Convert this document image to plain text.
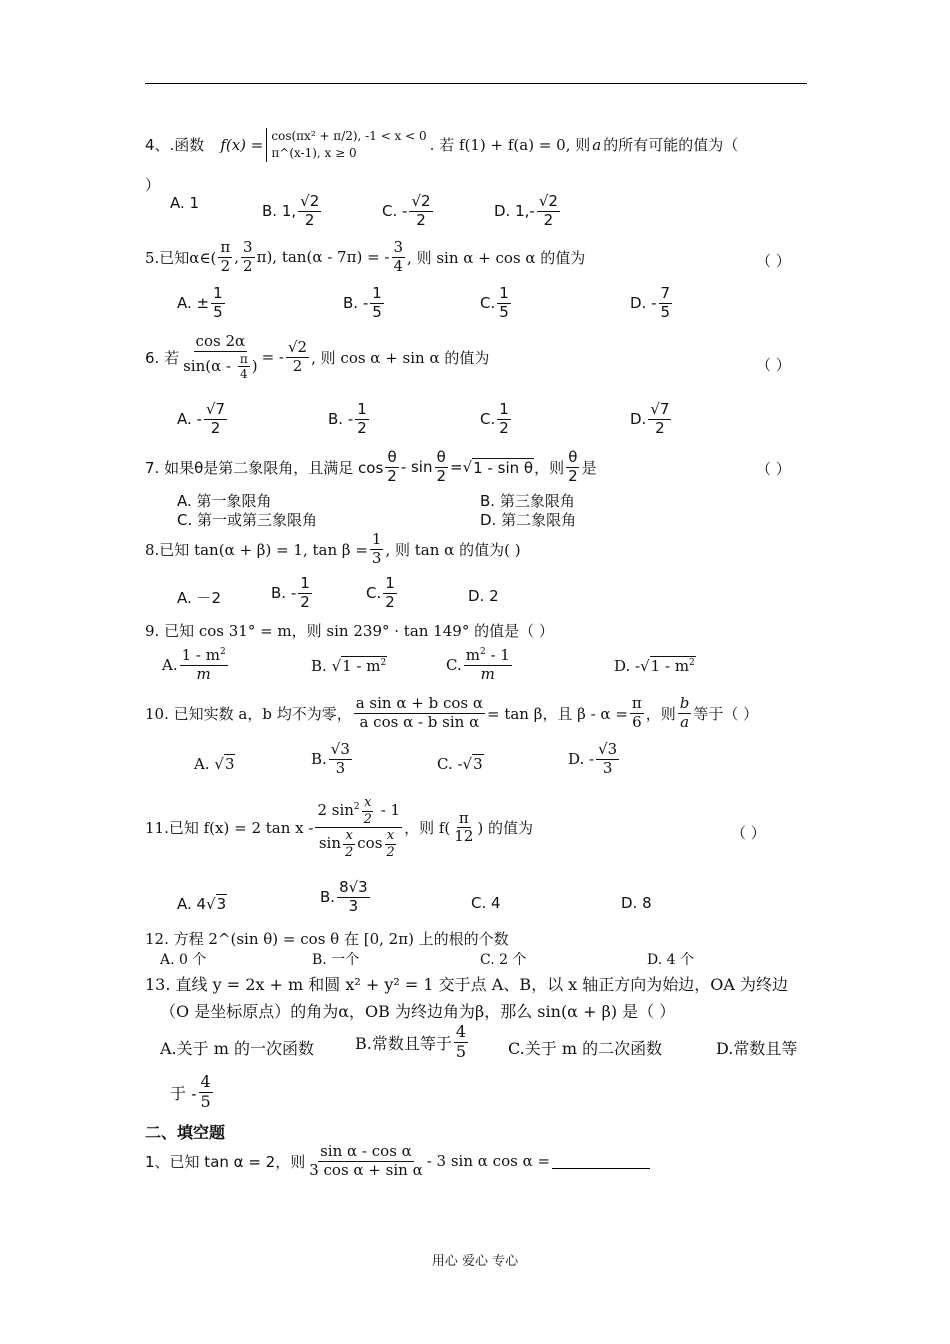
4、.函数 f(x) = cos(πx² + π/2), -1 < x < 0
π^(x-1), x ≥ 0	. 若 f(1) + f(a) = 0, 则 a 的所有可能的值为（
）
A. 1	B. 1, $\frac{√2}{2}$	C. - $\frac{√2}{2}$	D. $1,- \frac{√2}{2}$
5.已知α∈( $\frac{\pi}{2}$ , $\frac{3}{2}$ π ), tan(α - 7π) = - $\frac{3}{4}$ , 则 sin α + cos α 的值为	（ ）
A. ± $\frac{1}{5}$	B. - $\frac{1}{5}$	C. $\frac{1}{5}$	D. - $\frac{7}{5}$
6. 若 $\frac{\cos 2\alpha}{\sin(\alpha - \frac{\pi}{4} )}$ = - $\frac{√2}{2}$ , 则 cos α + sin α 的值为	（ ）
A. - $\frac{√7}{2}$	B. - $\frac{1}{2}$	C. $\frac{1}{2}$	D. $\frac{√7}{2}$
7. 如果θ是第二象限角，且满足 $\cos \frac{\theta}{2}$ - $\sin \frac{\theta}{2}$ = √ 1 - sin θ ，则 $\frac{\theta}{2}$ 是	（ ）
A. 第一象限角	B. 第三象限角
C. 第一或第三象限角	D. 第二象限角
8.已知 tan(α + β) = 1, $\tan \beta = \frac{1}{3}$ , 则 tan α 的值为( )
A. －2	B. - $\frac{1}{2}$	C. $\frac{1}{2}$	D. 2
9. 已知 cos 31° = m，则 sin 239° · tan 149° 的值是（ ）
A. $\frac{1 - m^2}{m}$	B. √ $1 - m^2$	C. $\frac{m^2 - 1}{m}$	D. - √ $1 - m^2$
10. 已知实数 a，b 均不为零， $\frac{\text{a sin α + b cos α}}{\text{a cos α - b sin α}} = \tan \beta$，且 $\beta - \alpha = \frac{\pi}{6}$ ，则 $\frac{b}{a}$ 等于（ ）
A. √ 3	B. $\frac{√3}{3}$	C. - √ 3	D. - $\frac{√3}{3}$
11.已知 f(x) = 2 tan x - $\frac{2 \sin^2 \frac{x}{2} - 1}{\sin \frac{x}{2} \cos \frac{x}{2}}$ ，则 $f( \frac{\pi}{12}$ ) 的值为	（ ）
A. 4√ 3	B. $\frac{8√3}{3}$	C. 4	D. 8
12. 方程 2^(sin θ) = cos θ 在 [0, 2π) 上的根的个数
A. 0 个	B. 一个	C. 2 个	D. 4 个
13. 直线 y = 2x + m 和圆 x² + y² = 1 交于点 A、B，以 x 轴正方向为始边，OA 为终边
（O 是坐标原点）的角为α，OB 为终边角为β，那么 sin(α + β) 是（ ）
A.关于 m 的一次函数	B.常数且等于 $\frac{4}{5} C$.关于 m 的二次函数	D.常数且等
于 - $\frac{4}{5}$
二、填空题
1、已知 tan α = 2，则 $\frac{\text{sin α - cos α}}{\text{3 cos α + sin α}} - 3$ sin α cos α =
用心 爱心 专心
